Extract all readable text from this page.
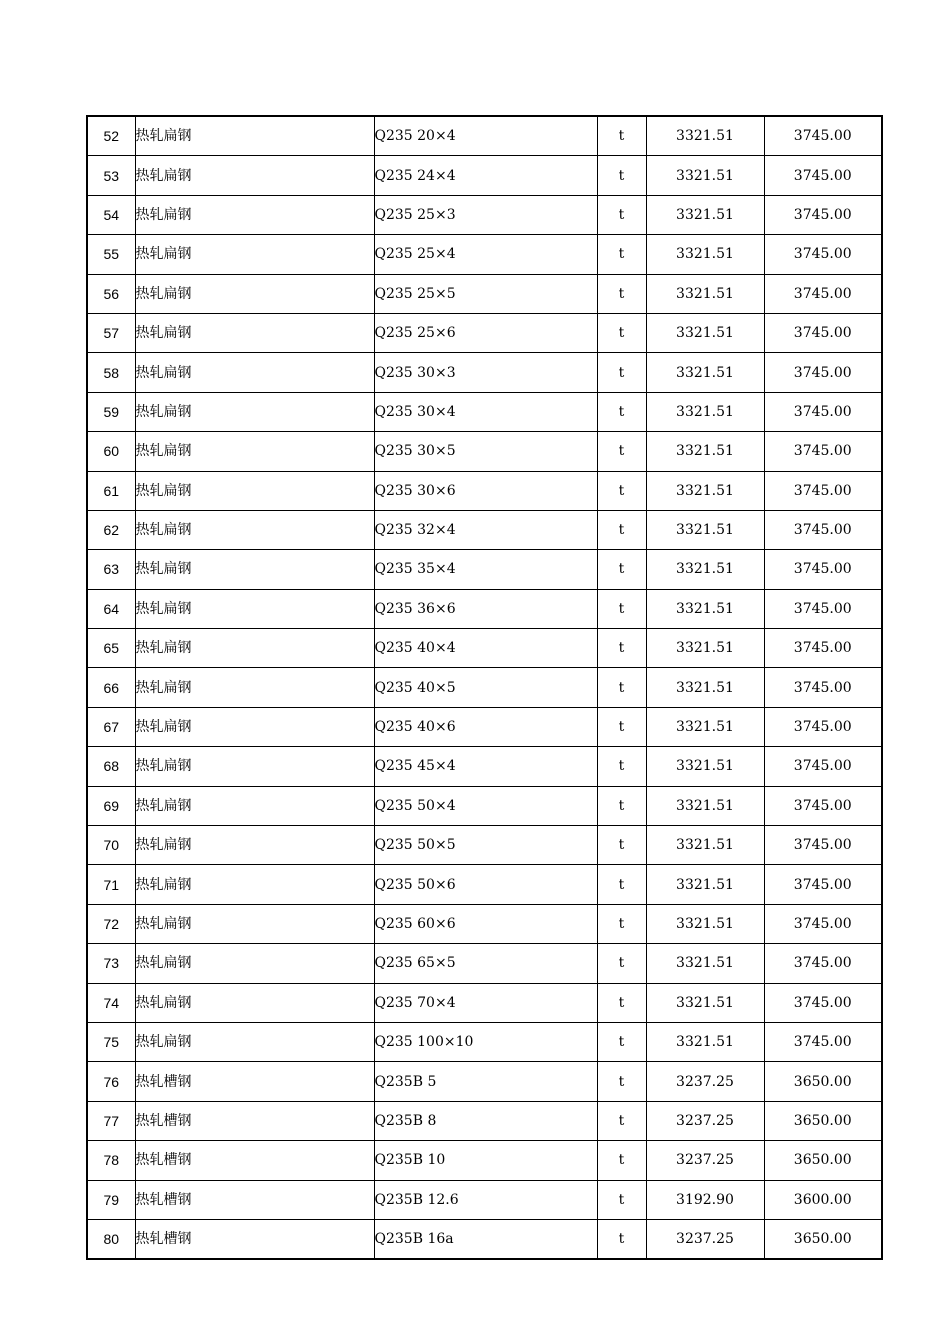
52	热轧扁钢	Q235 20×4	t	3321.51	3745.00
53	热轧扁钢	Q235 24×4	t	3321.51	3745.00
54	热轧扁钢	Q235 25×3	t	3321.51	3745.00
55	热轧扁钢	Q235 25×4	t	3321.51	3745.00
56	热轧扁钢	Q235 25×5	t	3321.51	3745.00
57	热轧扁钢	Q235 25×6	t	3321.51	3745.00
58	热轧扁钢	Q235 30×3	t	3321.51	3745.00
59	热轧扁钢	Q235 30×4	t	3321.51	3745.00
60	热轧扁钢	Q235 30×5	t	3321.51	3745.00
61	热轧扁钢	Q235 30×6	t	3321.51	3745.00
62	热轧扁钢	Q235 32×4	t	3321.51	3745.00
63	热轧扁钢	Q235 35×4	t	3321.51	3745.00
64	热轧扁钢	Q235 36×6	t	3321.51	3745.00
65	热轧扁钢	Q235 40×4	t	3321.51	3745.00
66	热轧扁钢	Q235 40×5	t	3321.51	3745.00
67	热轧扁钢	Q235 40×6	t	3321.51	3745.00
68	热轧扁钢	Q235 45×4	t	3321.51	3745.00
69	热轧扁钢	Q235 50×4	t	3321.51	3745.00
70	热轧扁钢	Q235 50×5	t	3321.51	3745.00
71	热轧扁钢	Q235 50×6	t	3321.51	3745.00
72	热轧扁钢	Q235 60×6	t	3321.51	3745.00
73	热轧扁钢	Q235 65×5	t	3321.51	3745.00
74	热轧扁钢	Q235 70×4	t	3321.51	3745.00
75	热轧扁钢	Q235 100×10	t	3321.51	3745.00
76	热轧槽钢	Q235B 5	t	3237.25	3650.00
77	热轧槽钢	Q235B 8	t	3237.25	3650.00
78	热轧槽钢	Q235B 10	t	3237.25	3650.00
79	热轧槽钢	Q235B 12.6	t	3192.90	3600.00
80	热轧槽钢	Q235B 16a	t	3237.25	3650.00
